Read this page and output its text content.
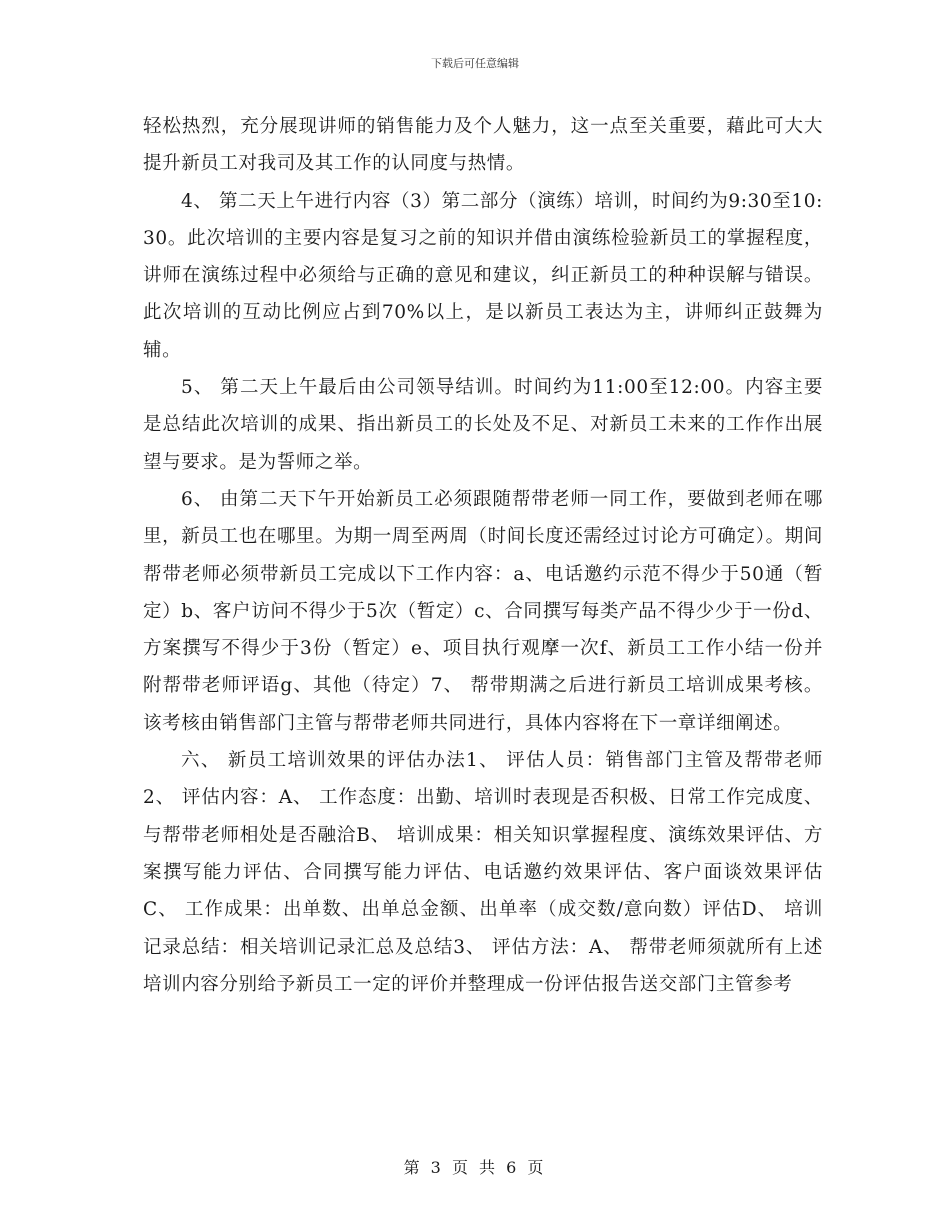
下载后可任意编辑

轻松热烈，充分展现讲师的销售能力及个人魅力，这一点至关重要，藉此可大大提升新员工对我司及其工作的认同度与热情。

4、 第二天上午进行内容（3）第二部分（演练）培训，时间约为9:30至10:30。此次培训的主要内容是复习之前的知识并借由演练检验新员工的掌握程度，讲师在演练过程中必须给与正确的意见和建议，纠正新员工的种种误解与错误。此次培训的互动比例应占到70%以上，是以新员工表达为主，讲师纠正鼓舞为辅。

5、 第二天上午最后由公司领导结训。时间约为11:00至12:00。内容主要是总结此次培训的成果、指出新员工的长处及不足、对新员工未来的工作作出展望与要求。是为誓师之举。

6、 由第二天下午开始新员工必须跟随帮带老师一同工作，要做到老师在哪里，新员工也在哪里。为期一周至两周（时间长度还需经过讨论方可确定）。期间帮带老师必须带新员工完成以下工作内容：a、电话邀约示范不得少于50通（暂定）b、客户访问不得少于5次（暂定）c、合同撰写每类产品不得少少于一份d、方案撰写不得少于3份（暂定）e、项目执行观摩一次f、新员工工作小结一份并附帮带老师评语g、其他（待定）7、 帮带期满之后进行新员工培训成果考核。该考核由销售部门主管与帮带老师共同进行，具体内容将在下一章详细阐述。

六、 新员工培训效果的评估办法1、 评估人员：销售部门主管及帮带老师2、 评估内容：A、 工作态度：出勤、培训时表现是否积极、日常工作完成度、与帮带老师相处是否融洽B、 培训成果：相关知识掌握程度、演练效果评估、方案撰写能力评估、合同撰写能力评估、电话邀约效果评估、客户面谈效果评估C、 工作成果：出单数、出单总金额、出单率（成交数/意向数）评估D、 培训记录总结：相关培训记录汇总及总结3、 评估方法：A、 帮带老师须就所有上述培训内容分别给予新员工一定的评价并整理成一份评估报告送交部门主管参考

第 3 页 共 6 页
